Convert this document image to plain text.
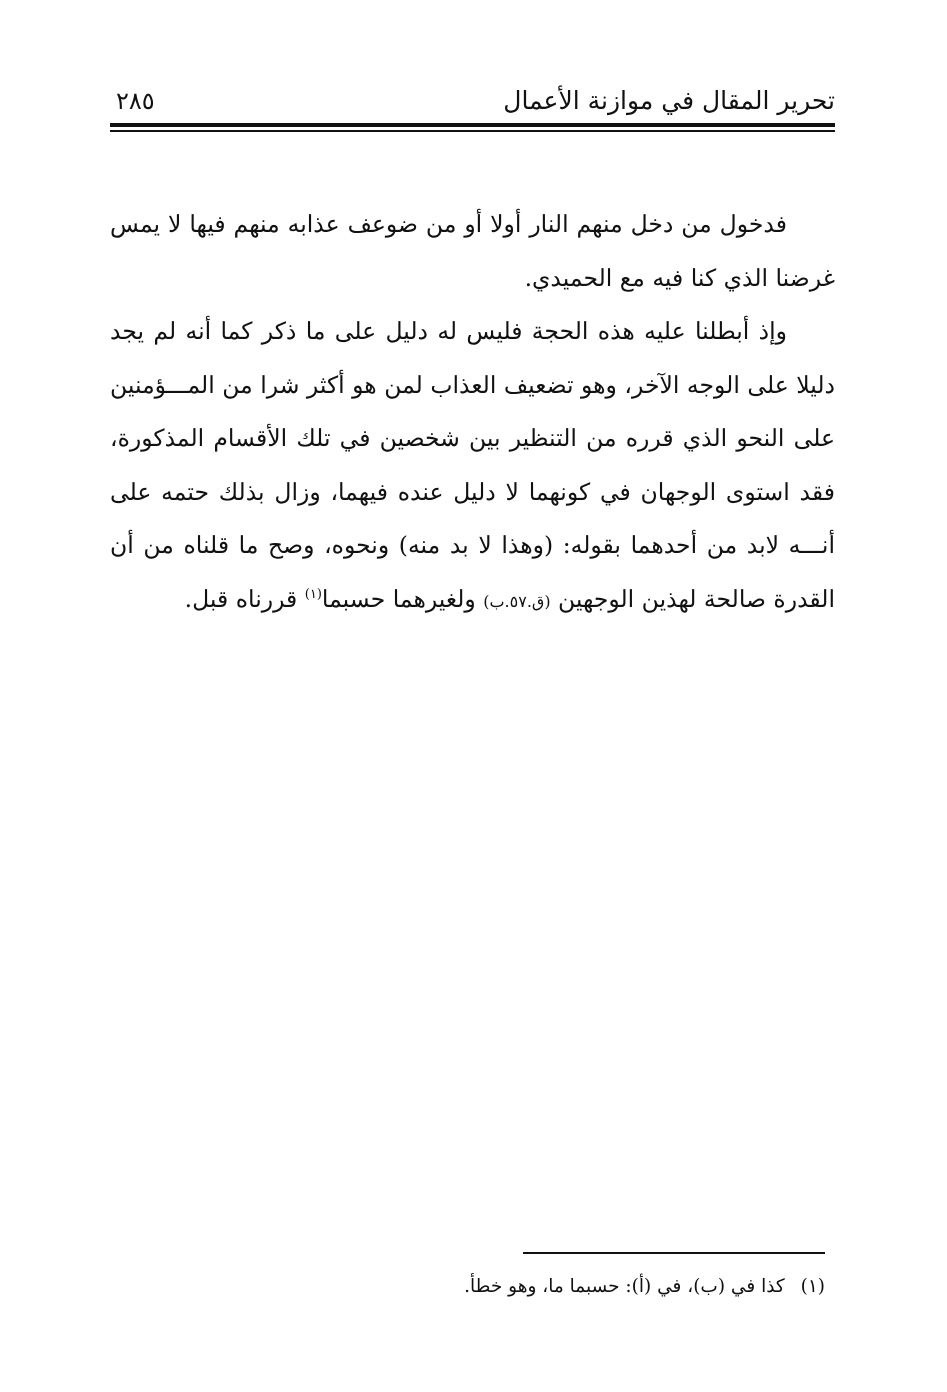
تحرير المقال في موازنة الأعمال
٢٨٥

فدخول من دخل منهم النار أولا أو من ضوعف عذابه منهم فيها لا يمس غرضنا الذي كنا فيه مع الحميدي.

وإذ أبطلنا عليه هذه الحجة فليس له دليل على ما ذكر كما أنه لم يجد دليلا على الوجه الآخر، وهو تضعيف العذاب لمن هو أكثر شرا من المـــؤمنين على النحو الذي قرره من التنظير بين شخصين في تلك الأقسام المذكورة، فقد استوى الوجهان في كونهما لا دليل عنده فيهما، وزال بذلك حتمه على أنـــه لابد من أحدهما بقوله: (وهذا لا بد منه) ونحوه، وصح ما قلناه من أن القدرة صالحة لهذين الوجهين (ق.٥٧.ب) ولغيرهما حسبما$^{(١)}$ قررناه قبل.

(١) كذا في (ب)، في (أ): حسبما ما، وهو خطأ.
